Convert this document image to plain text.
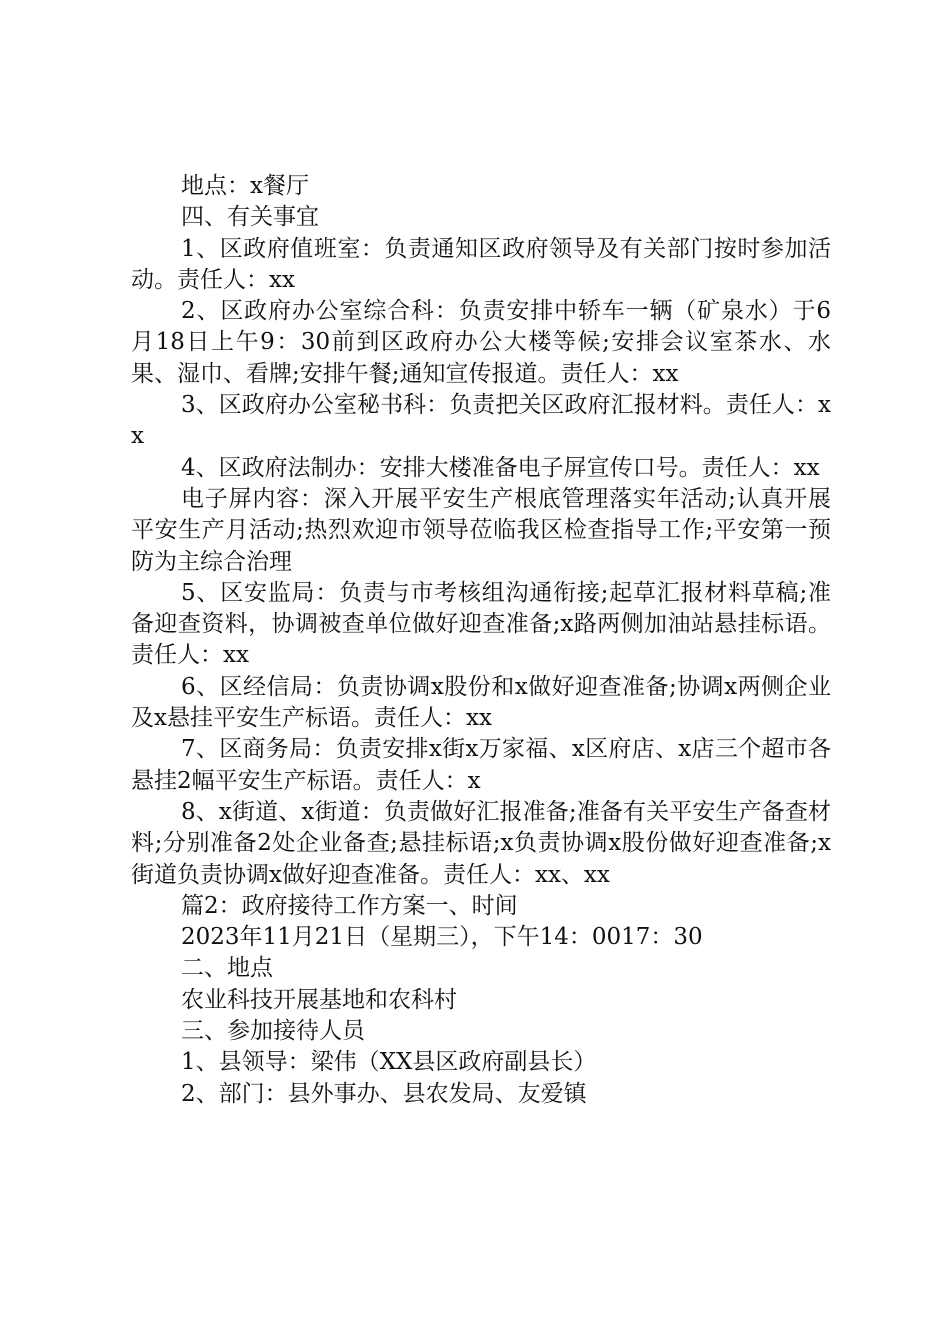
地点：x餐厅

四、有关事宜

1、区政府值班室：负责通知区政府领导及有关部门按时参加活动。责任人：xx

2、区政府办公室综合科：负责安排中轿车一辆（矿泉水）于6月18日上午9：30前到区政府办公大楼等候;安排会议室茶水、水果、湿巾、看牌;安排午餐;通知宣传报道。责任人：xx

3、区政府办公室秘书科：负责把关区政府汇报材料。责任人：xx

4、区政府法制办：安排大楼准备电子屏宣传口号。责任人：xx

电子屏内容：深入开展平安生产根底管理落实年活动;认真开展平安生产月活动;热烈欢迎市领导莅临我区检查指导工作;平安第一预防为主综合治理

5、区安监局：负责与市考核组沟通衔接;起草汇报材料草稿;准备迎查资料，协调被查单位做好迎查准备;x路两侧加油站悬挂标语。责任人：xx

6、区经信局：负责协调x股份和x做好迎查准备;协调x两侧企业及x悬挂平安生产标语。责任人：xx

7、区商务局：负责安排x街x万家福、x区府店、x店三个超市各悬挂2幅平安生产标语。责任人：x

8、x街道、x街道：负责做好汇报准备;准备有关平安生产备查材料;分别准备2处企业备查;悬挂标语;x负责协调x股份做好迎查准备;x街道负责协调x做好迎查准备。责任人：xx、xx

篇2：政府接待工作方案一、时间

2023年11月21日（星期三），下午14：0017：30

二、地点

农业科技开展基地和农科村

三、参加接待人员

1、县领导：梁伟（XX县区政府副县长）

2、部门：县外事办、县农发局、友爱镇
